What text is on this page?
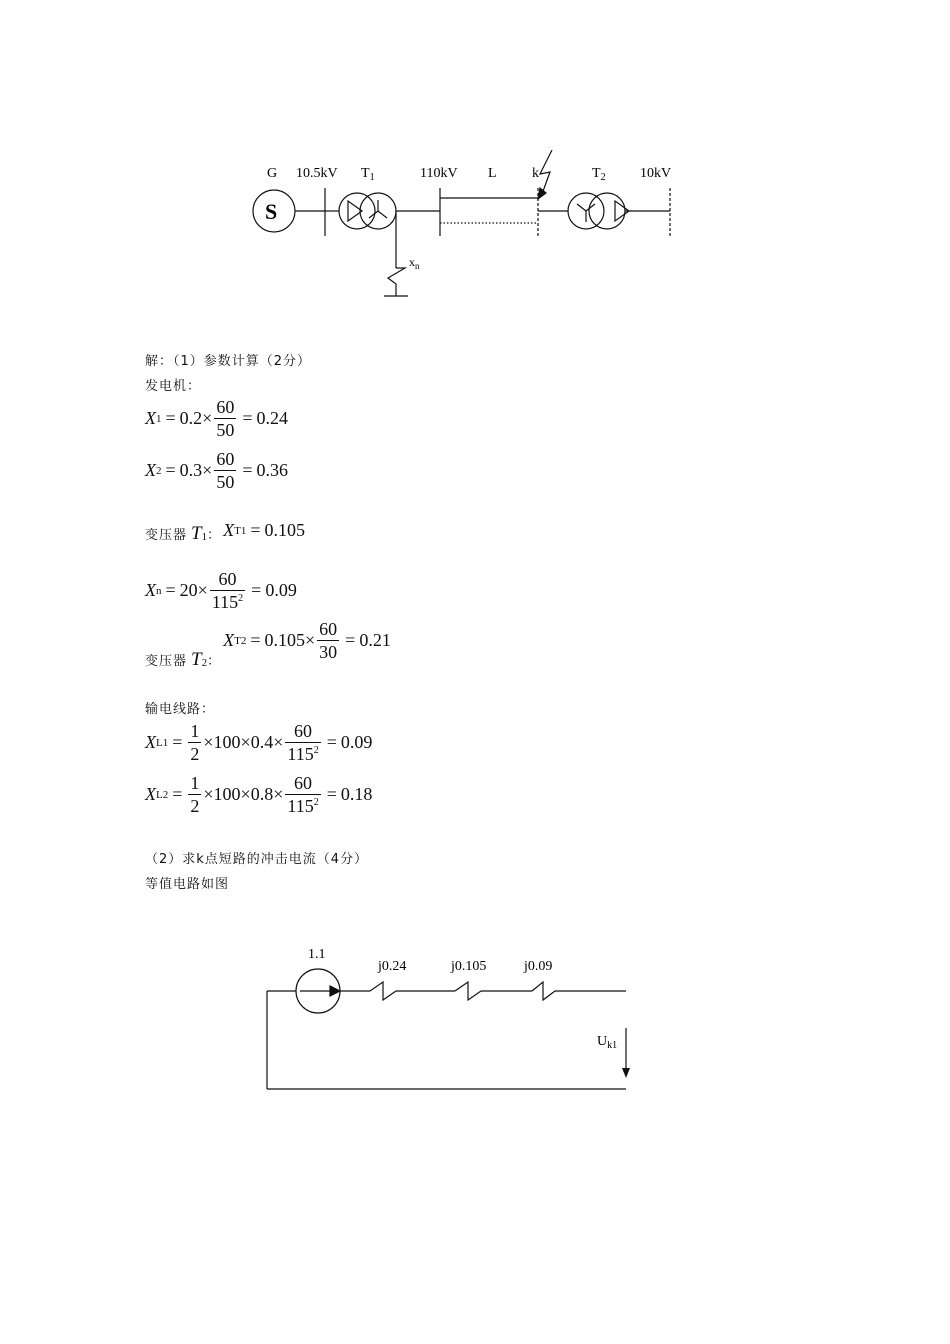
G
S
10.5kV $T_1$	110kV L	k	$T_2$ 10kV
$x_n$
解：（1）参数计算（2分）
发电机：
X $1 = 0.2 \times \frac{60}{50} = 0.24$
X $2 = 0.3 \times \frac{60}{50} = 0.36$
变压器 T 1 ： X T1 = 0.105
X $n = 20 \times \frac{60}{115^2} = 0.09$
变压器 T 2 ：
X $T2 = 0.105 \times \frac{60}{30} = 0.21$
输电线路：
X $L1 = \frac{1}{2} \times 100 \times 0.4 \times \frac{60}{115^2} = 0.09$
X $L2 = \frac{1}{2} \times 100 \times 0.8 \times \frac{60}{115^2} = 0.18$
（2）求k点短路的冲击电流（4分）
等值电路如图
1.1
j0.24	j0.105	j0.09
$U_{k1}$
